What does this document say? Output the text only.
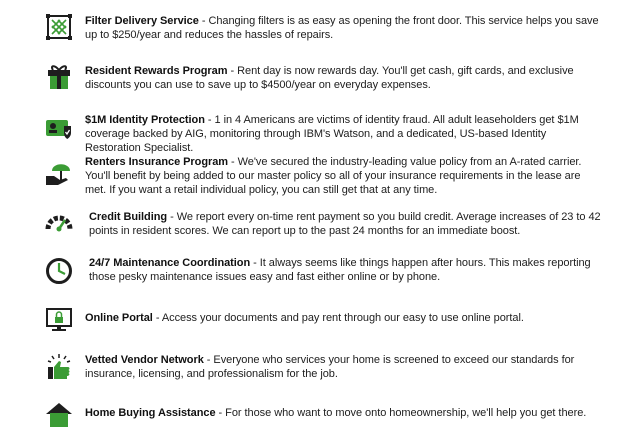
Filter Delivery Service - Changing filters is as easy as opening the front door. This service helps you save up to $250/year and reduces the hassles of repairs.
Resident Rewards Program - Rent day is now rewards day. You'll get cash, gift cards, and exclusive discounts you can use to save up to $4500/year on everyday expenses.
$1M Identity Protection - 1 in 4 Americans are victims of identity fraud. All adult leaseholders get $1M coverage backed by AIG, monitoring through IBM's Watson, and a dedicated, US-based Identity Restoration Specialist.
Renters Insurance Program - We've secured the industry-leading value policy from an A-rated carrier. You'll benefit by being added to our master policy so all of your insurance requirements in the lease are met. If you want a retail individual policy, you can still get that at any time.
Credit Building - We report every on-time rent payment so you build credit. Average increases of 23 to 42 points in resident scores. We can report up to the past 24 months for an immediate boost.
24/7 Maintenance Coordination - It always seems like things happen after hours. This makes reporting those pesky maintenance issues easy and fast either online or by phone.
Online Portal - Access your documents and pay rent through our easy to use online portal.
Vetted Vendor Network - Everyone who services your home is screened to exceed our standards for insurance, licensing, and professionalism for the job.
Home Buying Assistance - For those who want to move onto homeownership, we'll help you get there.
